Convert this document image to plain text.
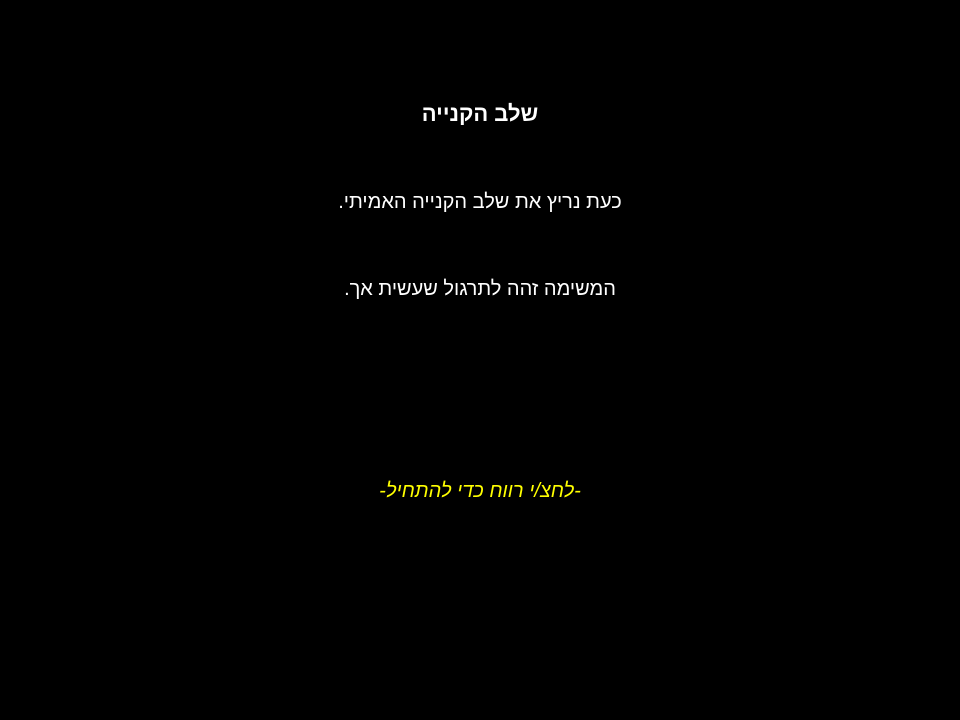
שלב הקנייה
כעת נריץ את שלב הקנייה האמיתי.
המשימה זהה לתרגול שעשית אך.
-לחצ/י רווח כדי להתחיל-
